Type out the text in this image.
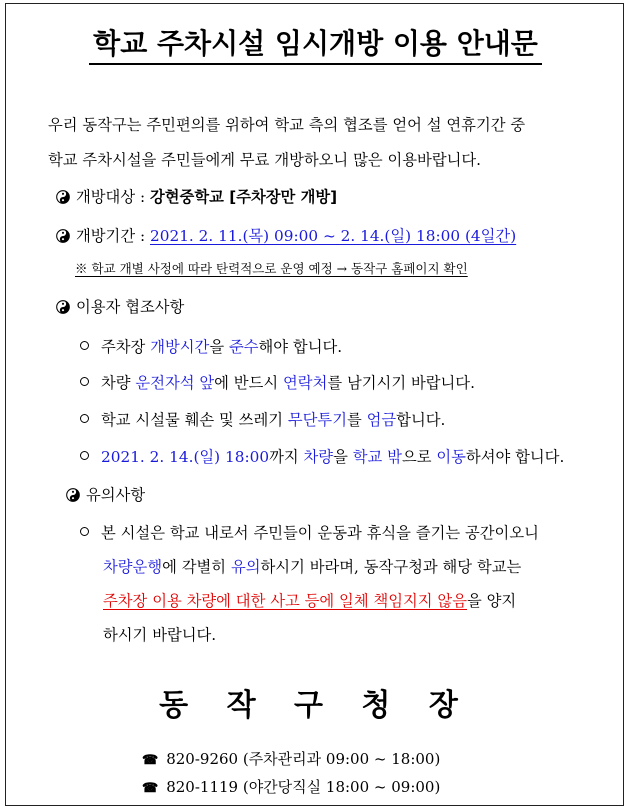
학교 주차시설 임시개방 이용 안내문
우리 동작구는 주민편의를 위하여 학교 측의 협조를 얻어 설 연휴기간 중
학교 주차시설을 주민들에게 무료 개방하오니 많은 이용바랍니다.
개방대상 : 강현중학교 [주차장만 개방]
개방기간 : 2021. 2. 11.(목) 09:00 ~ 2. 14.(일) 18:00 (4일간)
※ 학교 개별 사정에 따라 탄력적으로 운영 예정 → 동작구 홈페이지 확인
이용자 협조사항
주차장 개방시간을 준수해야 합니다.
차량 운전자석 앞에 반드시 연락처를 남기시기 바랍니다.
학교 시설물 훼손 및 쓰레기 무단투기를 엄금합니다.
2021. 2. 14.(일) 18:00까지 차량을 학교 밖으로 이동하셔야 합니다.
유의사항
본 시설은 학교 내로서 주민들이 운동과 휴식을 즐기는 공간이오니
차량운행에 각별히 유의하시기 바라며, 동작구청과 해당 학교는
주차장 이용 차량에 대한 사고 등에 일체 책임지지 않음을 양지
하시기 바랍니다.
동 작 구 청 장
☎ 820-9260 (주차관리과 09:00 ~ 18:00)
☎ 820-1119 (야간당직실 18:00 ~ 09:00)
